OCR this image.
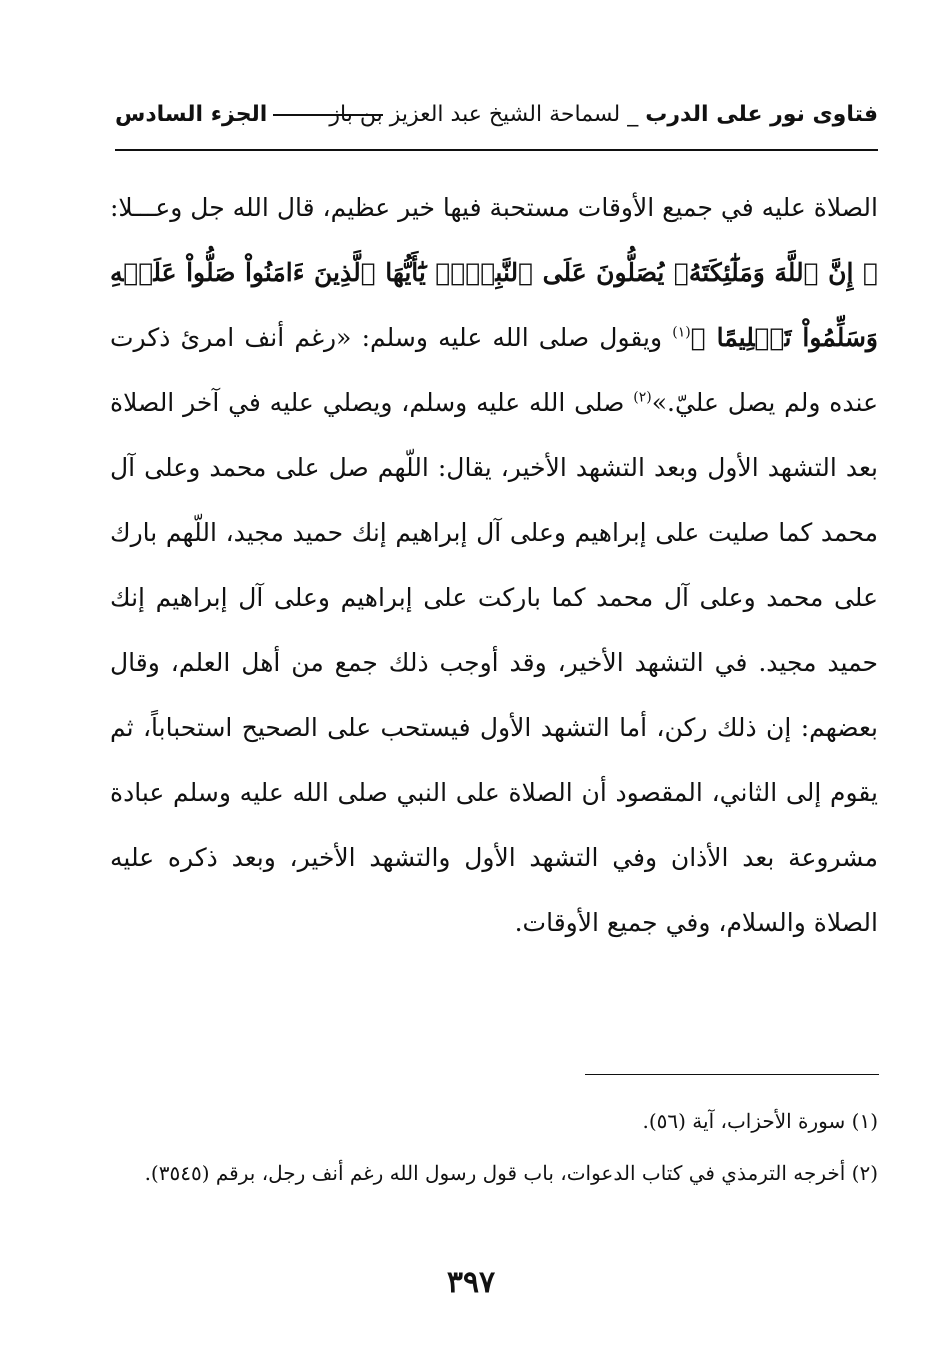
فتاوى نور على الدرب _ لسماحة الشيخ عبد العزيز بن باز
الجزء السادس

الصلاة عليه في جميع الأوقات مستحبة فيها خير عظيم، قال الله جل وعـــلا: ﴿ إِنَّ ٱللَّهَ وَمَلَٰٓئِكَتَهُۥ يُصَلُّونَ عَلَى ٱلنَّبِيِّۚ يَٰٓأَيُّهَا ٱلَّذِينَ ءَامَنُواْ صَلُّواْ عَلَيۡهِ وَسَلِّمُواْ تَسۡلِيمًا ﴾$^{(١)}$ ويقول صلى الله عليه وسلم: «رغم أنف امرئ ذكرت عنده ولم يصل عليّ.»$^{(٢)}$ صلى الله عليه وسلم، ويصلي عليه في آخر الصلاة بعد التشهد الأول وبعد التشهد الأخير، يقال: اللّهم صل على محمد وعلى آل محمد كما صليت على إبراهيم وعلى آل إبراهيم إنك حميد مجيد، اللّهم بارك على محمد وعلى آل محمد كما باركت على إبراهيم وعلى آل إبراهيم إنك حميد مجيد. في التشهد الأخير، وقد أوجب ذلك جمع من أهل العلم، وقال بعضهم: إن ذلك ركن، أما التشهد الأول فيستحب على الصحيح استحباباً، ثم يقوم إلى الثاني، المقصود أن الصلاة على النبي صلى الله عليه وسلم عبادة مشروعة بعد الأذان وفي التشهد الأول والتشهد الأخير، وبعد ذكره عليه الصلاة والسلام، وفي جميع الأوقات.

(١) سورة الأحزاب، آية (٥٦).

(٢) أخرجه الترمذي في كتاب الدعوات، باب قول رسول الله رغم أنف رجل، برقم (٣٥٤٥).

٣٩٧
